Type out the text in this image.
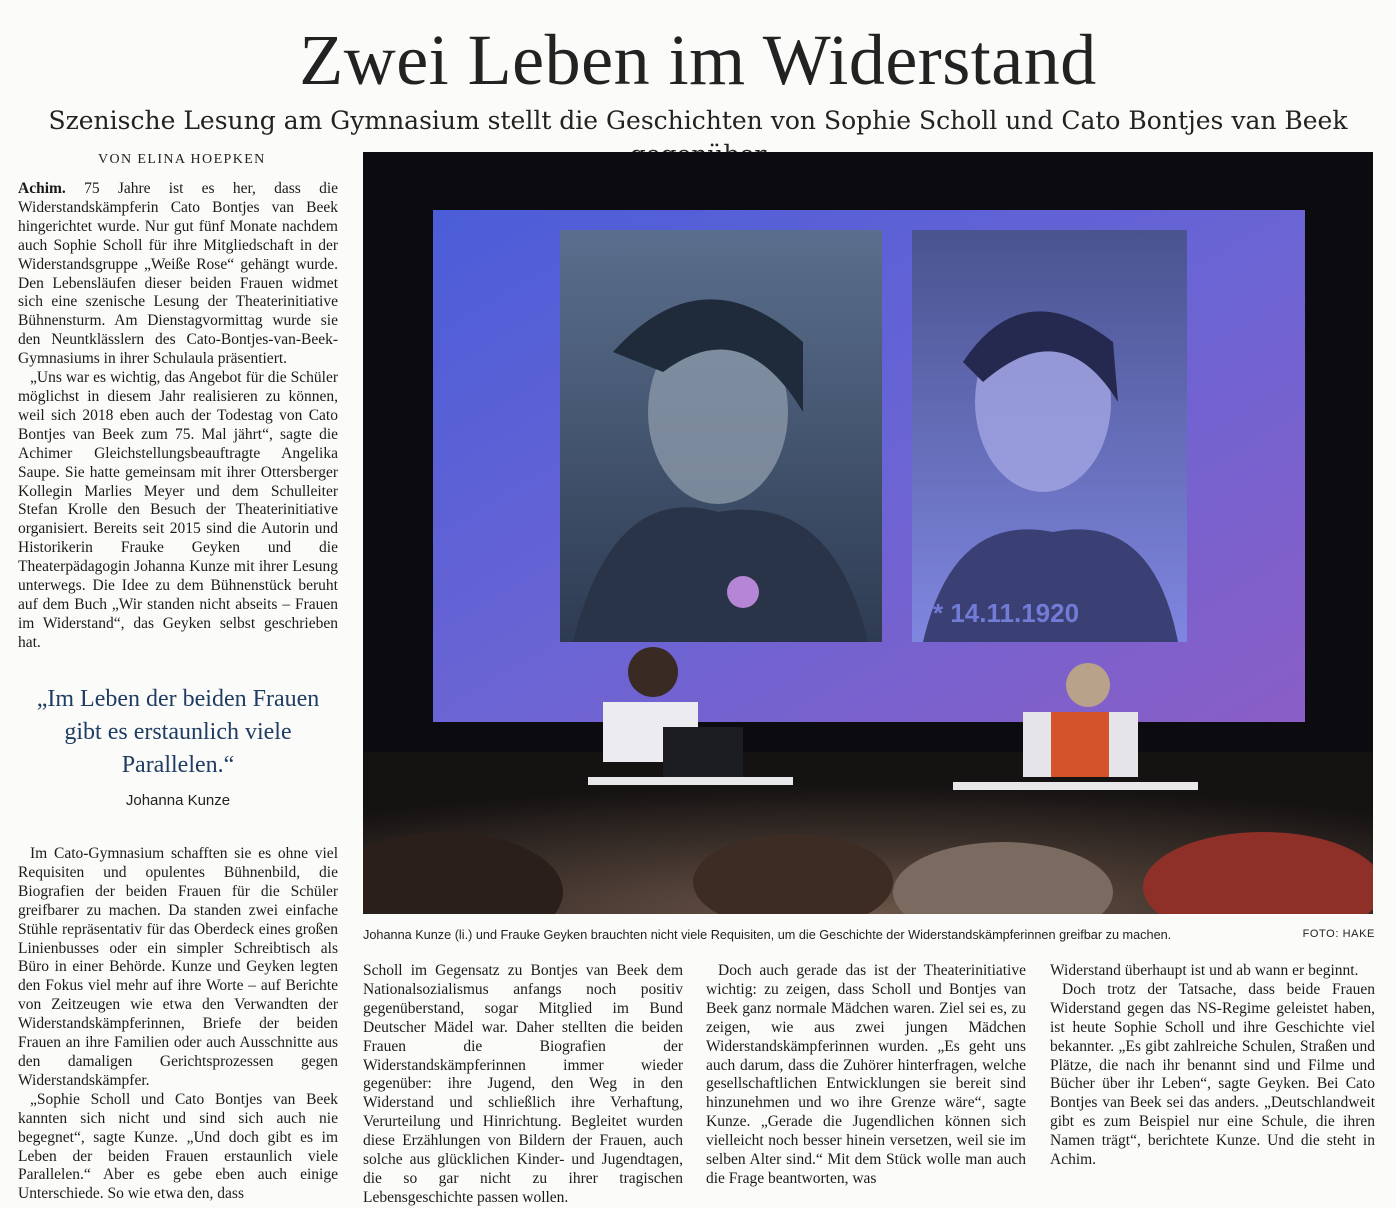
Zwei Leben im Widerstand
Szenische Lesung am Gymnasium stellt die Geschichten von Sophie Scholl und Cato Bontjes van Beek
VON ELINA HOEPKEN

Achim. 75 Jahre ist es her, dass die Widerstandskämpferin Cato Bontjes van Beek hingerichtet wurde. Nur gut fünf Monate nachdem auch Sophie Scholl für ihre Mitgliedschaft in der Widerstandsgruppe „Weiße Rose“ gehängt wurde. Den Lebensläufen dieser beiden Frauen widmet sich eine szenische Lesung der Theaterinitiative Bühnensturm. Am Dienstagvormittag wurde sie den Neuntklässlern des Cato-Bontjes-van-Beek-Gymnasiums in ihrer Schulaula präsentiert.

„Uns war es wichtig, das Angebot für die Schüler möglichst in diesem Jahr realisieren zu können, weil sich 2018 eben auch der Todestag von Cato Bontjes van Beek zum 75. Mal jährt“, sagte die Achimer Gleichstellungsbeauftragte Angelika Saupe. Sie hatte gemeinsam mit ihrer Ottersberger Kollegin Marlies Meyer und dem Schulleiter Stefan Krolle den Besuch der Theaterinitiative organisiert. Bereits seit 2015 sind die Autorin und Historikerin Frauke Geyken und die Theaterpädagogin Johanna Kunze mit ihrer Lesung unterwegs. Die Idee zu dem Bühnenstück beruht auf dem Buch „Wir standen nicht abseits – Frauen im Widerstand“, das Geyken selbst geschrieben hat.

„Im Leben der beiden Frauen gibt es erstaunlich viele Parallelen.“
Johanna Kunze

Im Cato-Gymnasium schafften sie es ohne viel Requisiten und opulentes Bühnenbild, die Biografien der beiden Frauen für die Schüler greifbarer zu machen. Da standen zwei einfache Stühle repräsentativ für das Oberdeck eines großen Linienbusses oder ein simpler Schreibtisch als Büro in einer Behörde. Kunze und Geyken legten den Fokus viel mehr auf ihre Worte – auf Berichte von Zeitzeugen wie etwa den Verwandten der Widerstandskämpferinnen, Briefe der beiden Frauen an ihre Familien oder auch Ausschnitte aus den damaligen Gerichtsprozessen gegen Widerstandskämpfer.

„Sophie Scholl und Cato Bontjes van Beek kannten sich nicht und sind sich auch nie begegnet“, sagte Kunze. „Und doch gibt es im Leben der beiden Frauen erstaunlich viele Parallelen.“ Aber es gebe eben auch einige Unterschiede. So wie etwa den, dass

* 14.11.1920
Johanna Kunze (li.) und Frauke Geyken brauchten nicht viele Requisiten, um die Geschichte der Widerstandskämpferinnen greifbar zu machen.	FOTO: HAKE

Scholl im Gegensatz zu Bontjes van Beek dem Nationalsozialismus anfangs noch positiv gegenüberstand, sogar Mitglied im Bund Deutscher Mädel war. Daher stellten die beiden Frauen die Biografien der Widerstandskämpferinnen immer wieder gegenüber: ihre Jugend, den Weg in den Widerstand und schließlich ihre Verhaftung, Verurteilung und Hinrichtung. Begleitet wurden diese Erzählungen von Bildern der Frauen, auch solche aus glücklichen Kinder- und Jugendtagen, die so gar nicht zu ihrer tragischen Lebensgeschichte passen wollen.

Doch auch gerade das ist der Theaterinitiative wichtig: zu zeigen, dass Scholl und Bontjes van Beek ganz normale Mädchen waren. Ziel sei es, zu zeigen, wie aus zwei jungen Mädchen Widerstandskämpferinnen wurden. „Es geht uns auch darum, dass die Zuhörer hinterfragen, welche gesellschaftlichen Entwicklungen sie bereit sind hinzunehmen und wo ihre Grenze wäre“, sagte Kunze. „Gerade die Jugendlichen können sich vielleicht noch besser hinein versetzen, weil sie im selben Alter sind.“ Mit dem Stück wolle man auch die Frage beantworten, was

Widerstand überhaupt ist und ab wann er beginnt.

Doch trotz der Tatsache, dass beide Frauen Widerstand gegen das NS-Regime geleistet haben, ist heute Sophie Scholl und ihre Geschichte viel bekannter. „Es gibt zahlreiche Schulen, Straßen und Plätze, die nach ihr benannt sind und Filme und Bücher über ihr Leben“, sagte Geyken. Bei Cato Bontjes van Beek sei das anders. „Deutschlandweit gibt es zum Beispiel nur eine Schule, die ihren Namen trägt“, berichtete Kunze. Und die steht in Achim.
